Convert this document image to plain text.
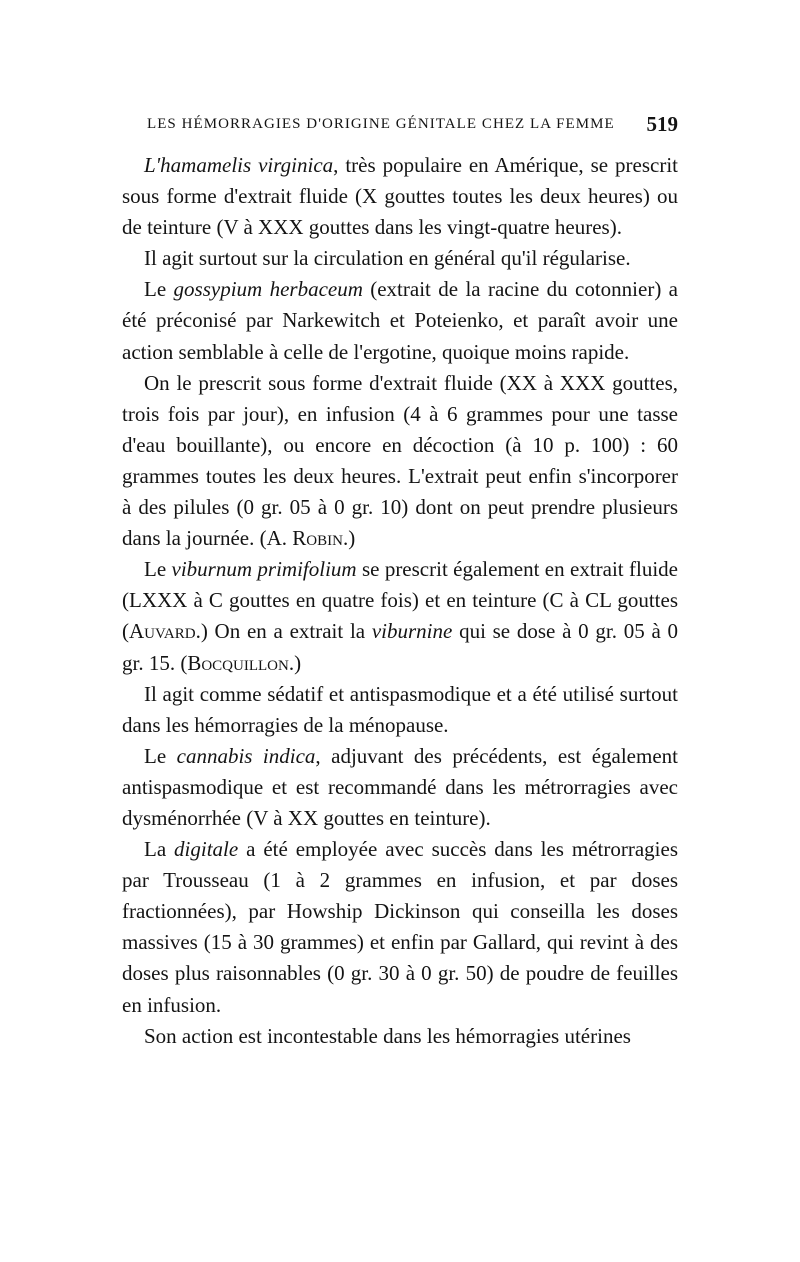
LES HÉMORRAGIES D'ORIGINE GÉNITALE CHEZ LA FEMME 519

L'hamamelis virginica, très populaire en Amérique, se prescrit sous forme d'extrait fluide (X gouttes toutes les deux heures) ou de teinture (V à XXX gouttes dans les vingt-quatre heures).

Il agit surtout sur la circulation en général qu'il régularise.

Le gossypium herbaceum (extrait de la racine du cotonnier) a été préconisé par Narkewitch et Poteienko, et paraît avoir une action semblable à celle de l'ergotine, quoique moins rapide.

On le prescrit sous forme d'extrait fluide (XX à XXX gouttes, trois fois par jour), en infusion (4 à 6 grammes pour une tasse d'eau bouillante), ou encore en décoction (à 10 p. 100) : 60 grammes toutes les deux heures. L'extrait peut enfin s'incorporer à des pilules (0 gr. 05 à 0 gr. 10) dont on peut prendre plusieurs dans la journée. (A. Robin.)

Le viburnum primifolium se prescrit également en extrait fluide (LXXX à C gouttes en quatre fois) et en teinture (C à CL gouttes (Auvard.) On en a extrait la viburnine qui se dose à 0 gr. 05 à 0 gr. 15. (Bocquillon.)

Il agit comme sédatif et antispasmodique et a été utilisé surtout dans les hémorragies de la ménopause.

Le cannabis indica, adjuvant des précédents, est également antispasmodique et est recommandé dans les métrorragies avec dysménorrhée (V à XX gouttes en teinture).

La digitale a été employée avec succès dans les métrorragies par Trousseau (1 à 2 grammes en infusion, et par doses fractionnées), par Howship Dickinson qui conseilla les doses massives (15 à 30 grammes) et enfin par Gallard, qui revint à des doses plus raisonnables (0 gr. 30 à 0 gr. 50) de poudre de feuilles en infusion.

Son action est incontestable dans les hémorragies utérines
